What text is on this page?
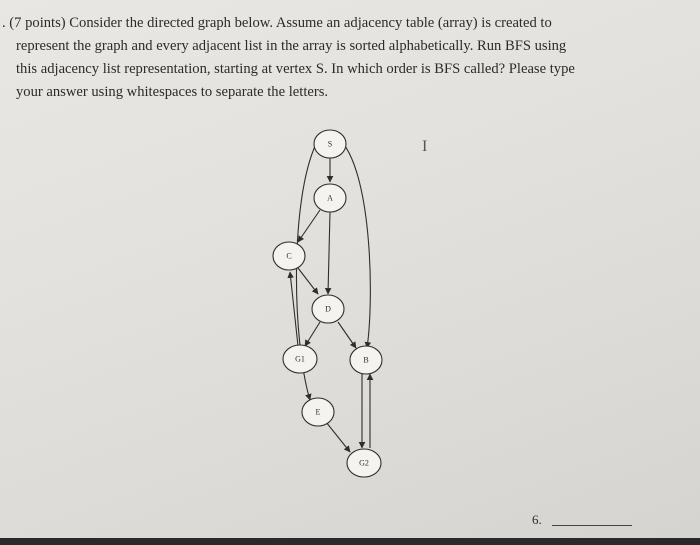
. (7 points) Consider the directed graph below. Assume an adjacency table (array) is created to
represent the graph and every adjacent list in the array is sorted alphabetically. Run BFS using
this adjacency list representation, starting at vertex S. In which order is BFS called? Please type
your answer using whitespaces to separate the letters.
I
S
A
C
D
G1	B
E
G2
6.
